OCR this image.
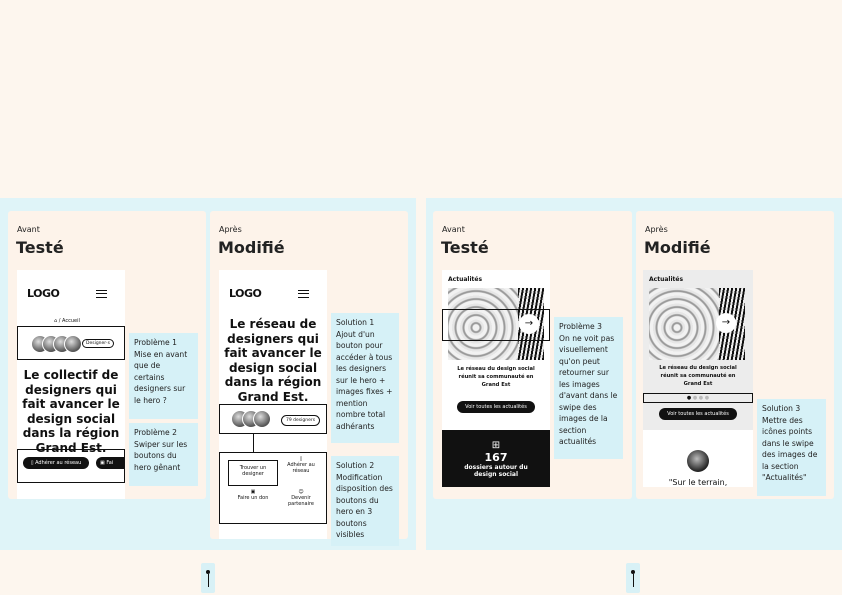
Avant
Testé
LOGO
⌂ / Accueil
Designer·s
Le collectif de designers qui fait avancer le design social dans la région Grand Est.
▯ Adhérer au réseau	▣ Fai
Problème 1
Mise en avant que de certains designers sur le hero ?
Problème 2
Swiper sur les boutons du hero gênant
Après
Modifié
LOGO
Le réseau de designers qui fait avancer le design social dans la région Grand Est.
79 designers
Trouver un designer
▯
Adhérer au réseau
▣
Faire un don
☺
Devenir partenaire
Solution 1
Ajout d'un bouton pour accéder à tous les designers sur le hero + images fixes + mention nombre total adhérants
Solution 2
Modification disposition des boutons du hero en 3 boutons visibles
Avant
Testé
Actualités
→
Le réseau du design social réunit sa communauté en Grand Est
Voir toutes les actualités
⊞
167
dossiers autour du design social
Problème 3
On ne voit pas visuellement qu'on peut retourner sur les images d'avant dans le swipe des images de la section actualités
Après
Modifié
Actualités
→
Le réseau du design social réunit sa communauté en Grand Est
● ● ● ●
Voir toutes les actualités
"Sur le terrain,
Solution 3
Mettre des icônes points dans le swipe des images de la section "Actualités"
